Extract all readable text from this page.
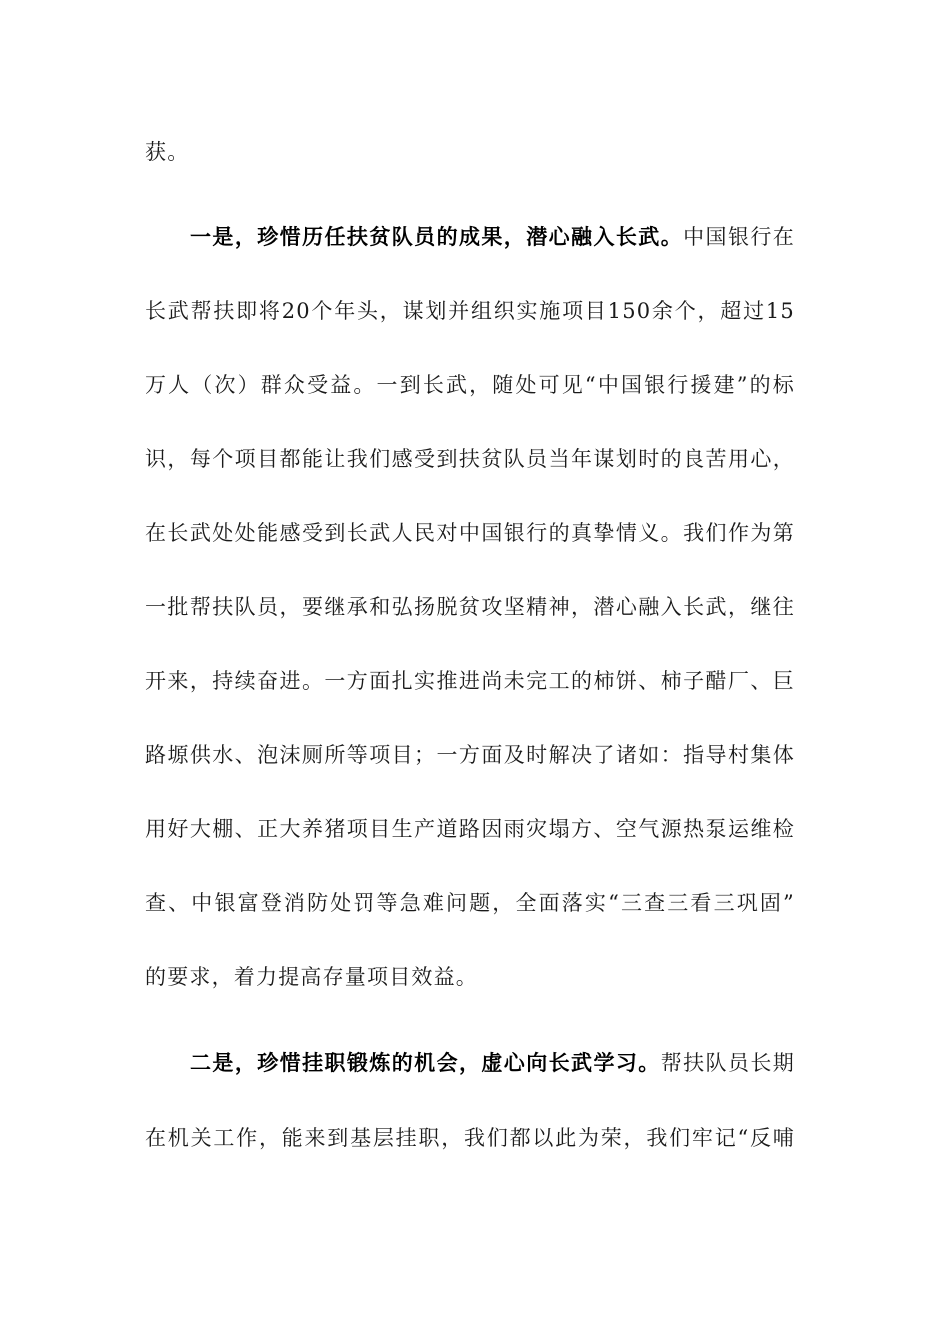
获。
一是，珍惜历任扶贫队员的成果，潜心融入长武。中国银行在
长武帮扶即将20个年头，谋划并组织实施项目150余个，超过15
万人（次）群众受益。一到长武，随处可见“中国银行援建”的标
识，每个项目都能让我们感受到扶贫队员当年谋划时的良苦用心，
在长武处处能感受到长武人民对中国银行的真挚情义。我们作为第
一批帮扶队员，要继承和弘扬脱贫攻坚精神，潜心融入长武，继往
开来，持续奋进。一方面扎实推进尚未完工的柿饼、柿子醋厂、巨
路塬供水、泡沫厕所等项目；一方面及时解决了诸如：指导村集体
用好大棚、正大养猪项目生产道路因雨灾塌方、空气源热泵运维检
查、中银富登消防处罚等急难问题，全面落实“三查三看三巩固”
的要求，着力提高存量项目效益。
二是，珍惜挂职锻炼的机会，虚心向长武学习。帮扶队员长期
在机关工作，能来到基层挂职，我们都以此为荣，我们牢记“反哺
